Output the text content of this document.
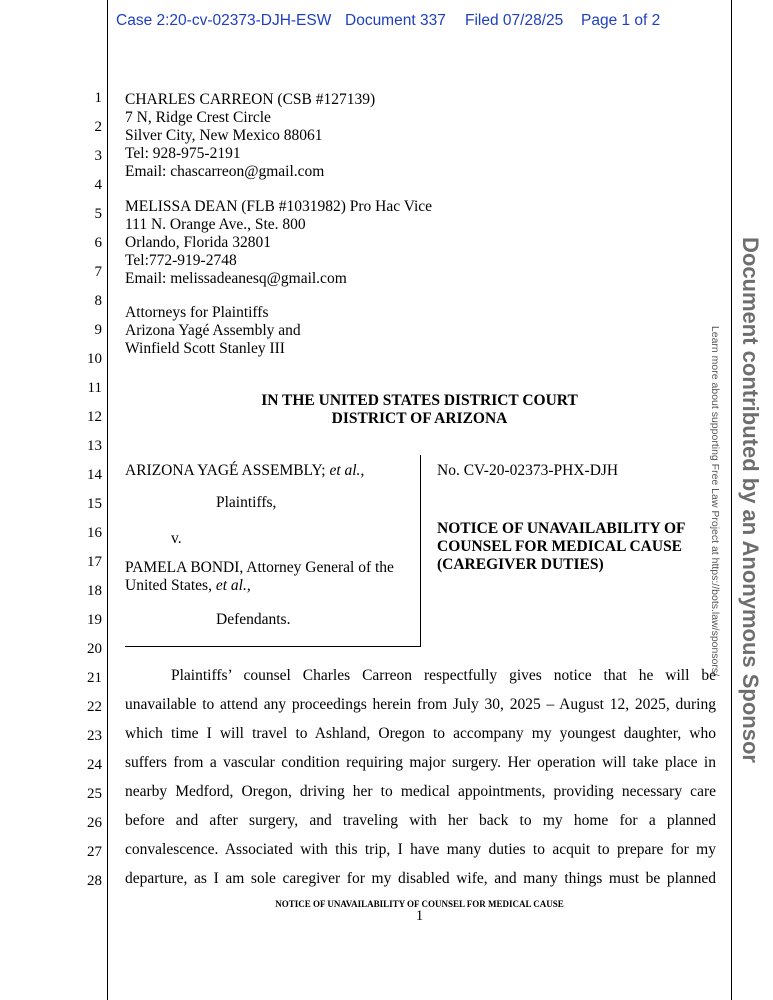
Case 2:20-cv-02373-DJH-ESW Document 337 Filed 07/28/25 Page 1 of 2
1
2
3
4
5
6
7
8
9
10
11
12
13
14
15
16
17
18
19
20
21
22
23
24
25
26
27
28
CHARLES CARREON (CSB #127139)
7 N, Ridge Crest Circle
Silver City, New Mexico 88061
Tel: 928-975-2191
Email: chascarreon@gmail.com
MELISSA DEAN (FLB #1031982) Pro Hac Vice
111 N. Orange Ave., Ste. 800
Orlando, Florida 32801
Tel:772-919-2748
Email: melissadeanesq@gmail.com
Attorneys for Plaintiffs
Arizona Yagé Assembly and
Winfield Scott Stanley III
IN THE UNITED STATES DISTRICT COURT
DISTRICT OF ARIZONA
ARIZONA YAGÉ ASSEMBLY; et al.,
Plaintiffs,
v.
PAMELA BONDI, Attorney General of the
United States, et al.,
Defendants.
No. CV-20-02373-PHX-DJH
NOTICE OF UNAVAILABILITY OF
COUNSEL FOR MEDICAL CAUSE
(CAREGIVER DUTIES)
Plaintiffs’ counsel Charles Carreon respectfully gives notice that he will be
unavailable to attend any proceedings herein from July 30, 2025 – August 12, 2025, during
which time I will travel to Ashland, Oregon to accompany my youngest daughter, who
suffers from a vascular condition requiring major surgery. Her operation will take place in
nearby Medford, Oregon, driving her to medical appointments, providing necessary care
before and after surgery, and traveling with her back to my home for a planned
convalescence. Associated with this trip, I have many duties to acquit to prepare for my
departure, as I am sole caregiver for my disabled wife, and many things must be planned
NOTICE OF UNAVAILABILITY OF COUNSEL FOR MEDICAL CAUSE
1
Document contributed by an Anonymous Sponsor
Learn more about supporting Free Law Project at https://bots.law/sponsors/
